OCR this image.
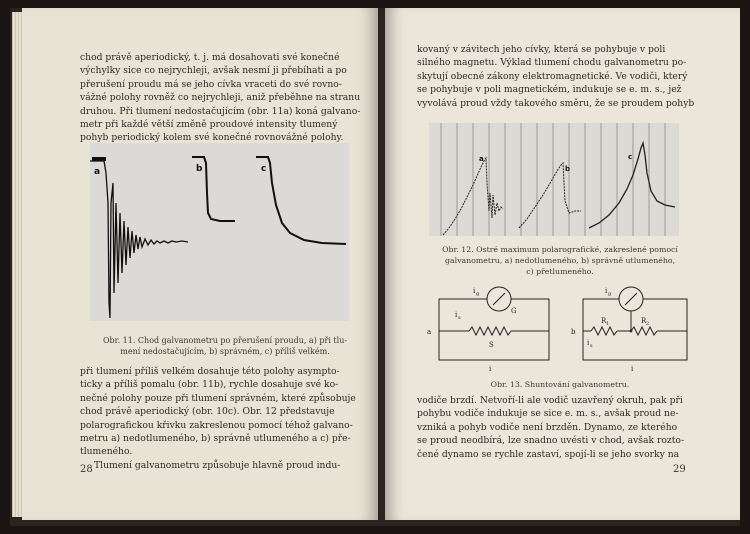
chod právě aperiodický, t. j. má dosahovati své konečné
výchylky sice co nejrychleji, avšak nesmí ji přebíhati a po
přerušení proudu má se jeho cívka vraceti do své rovno-
vážné polohy rovněž co nejrychleji, aniž přeběhne na stranu
druhou. Při tlumení nedostačujícím (obr. 11a) koná galvano-
metr při každé větší změně proudové intensity tlumený
pohyb periodický kolem své konečné rovnovážné polohy.
a	b	c
Obr. 11. Chod galvanometru po přerušení proudu, a) při tlu-
mení nedostačujícím, b) správném, c) příliš velkém.
při tlumení příliš velkém dosahuje této polohy asympto-
ticky a příliš pomalu (obr. 11b), rychle dosahuje své ko-
nečné polohy pouze při tlumení správném, které způsobuje
chod právě aperiodický (obr. 10c). Obr. 12 představuje
polarografickou křivku zakreslenou pomocí téhož galvano-
metru a) nedotlumeného, b) správně utlumeného a c) pře-
tlumeného.
Tlumení galvanometru způsobuje hlavně proud indu-
28
kovaný v závitech jeho cívky, která se pohybuje v poli
silného magnetu. Výklad tlumení chodu galvanometru po-
skytují obecné zákony elektromagnetické. Ve vodiči, který
se pohybuje v poli magnetickém, indukuje se e. m. s., jež
vyvolává proud vždy takového směru, že se proudem pohyb
a
b
c
Obr. 12. Ostré maximum polarografické, zakreslené pomocí
galvanometru, a) nedotlumeného, b) správně utlumeného,
c) přetlumeného.
a
i g
i s
G
S
i
b
i g
i s
R 1	R 2
i
Obr. 13. Shuntování galvanometru.
vodiče brzdí. Netvoří-li ale vodič uzavřený okruh, pak při
pohybu vodiče indukuje se sice e. m. s., avšak proud ne-
vzniká a pohyb vodiče není brzděn. Dynamo, ze kterého
se proud neodbírá, lze snadno uvésti v chod, avšak rozto-
čené dynamo se rychle zastaví, spojí-li se jeho svorky na
29
